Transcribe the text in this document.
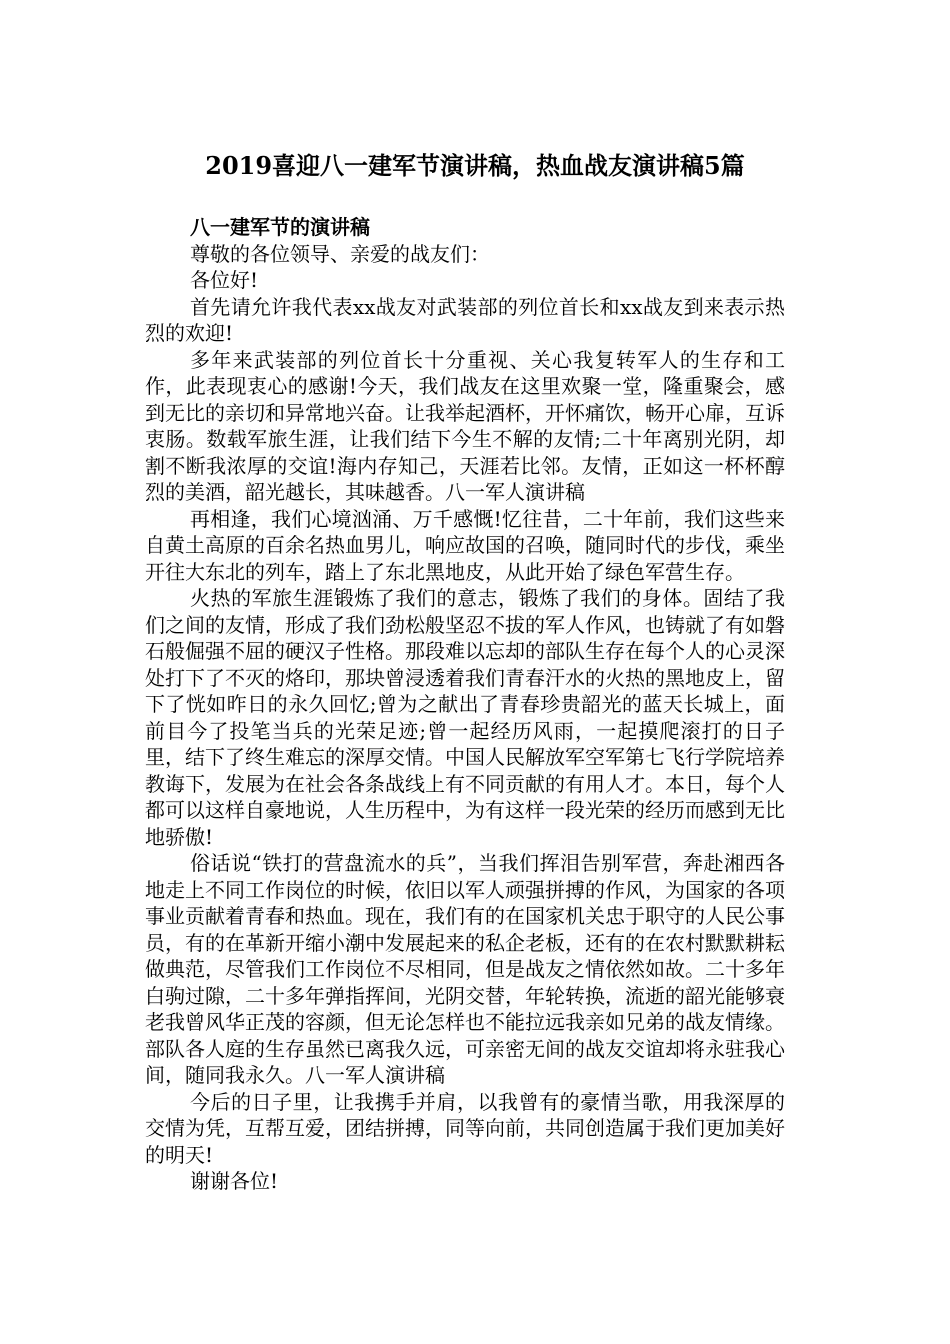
2019喜迎八一建军节演讲稿，热血战友演讲稿5篇

八一建军节的演讲稿

尊敬的各位领导、亲爱的战友们：

各位好!

首先请允许我代表xx战友对武装部的列位首长和xx战友到来表示热烈的欢迎!

多年来武装部的列位首长十分重视、关心我复转军人的生存和工作，此表现衷心的感谢!今天，我们战友在这里欢聚一堂，隆重聚会，感到无比的亲切和异常地兴奋。让我举起酒杯，开怀痛饮，畅开心扉，互诉衷肠。数载军旅生涯，让我们结下今生不解的友情;二十年离别光阴，却割不断我浓厚的交谊!海内存知己，天涯若比邻。友情，正如这一杯杯醇烈的美酒，韶光越长，其味越香。八一军人演讲稿

再相逢，我们心境汹涌、万千感慨!忆往昔，二十年前，我们这些来自黄土高原的百余名热血男儿，响应故国的召唤，随同时代的步伐，乘坐开往大东北的列车，踏上了东北黑地皮，从此开始了绿色军营生存。

火热的军旅生涯锻炼了我们的意志，锻炼了我们的身体。固结了我们之间的友情，形成了我们劲松般坚忍不拔的军人作风，也铸就了有如磐石般倔强不屈的硬汉子性格。那段难以忘却的部队生存在每个人的心灵深处打下了不灭的烙印，那块曾浸透着我们青春汗水的火热的黑地皮上，留下了恍如昨日的永久回忆;曾为之献出了青春珍贵韶光的蓝天长城上，面前目今了投笔当兵的光荣足迹;曾一起经历风雨，一起摸爬滚打的日子里，结下了终生难忘的深厚交情。中国人民解放军空军第七飞行学院培养教诲下，发展为在社会各条战线上有不同贡献的有用人才。本日，每个人都可以这样自豪地说，人生历程中，为有这样一段光荣的经历而感到无比地骄傲!

俗话说“铁打的营盘流水的兵”，当我们挥泪告别军营，奔赴湘西各地走上不同工作岗位的时候，依旧以军人顽强拼搏的作风，为国家的各项事业贡献着青春和热血。现在，我们有的在国家机关忠于职守的人民公事员，有的在革新开缩小潮中发展起来的私企老板，还有的在农村默默耕耘做典范，尽管我们工作岗位不尽相同，但是战友之情依然如故。二十多年白驹过隙，二十多年弹指挥间，光阴交替，年轮转换，流逝的韶光能够衰老我曾风华正茂的容颜，但无论怎样也不能拉远我亲如兄弟的战友情缘。部队各人庭的生存虽然已离我久远，可亲密无间的战友交谊却将永驻我心间，随同我永久。八一军人演讲稿

今后的日子里，让我携手并肩，以我曾有的豪情当歌，用我深厚的交情为凭，互帮互爱，团结拼搏，同等向前，共同创造属于我们更加美好的明天!

谢谢各位!
